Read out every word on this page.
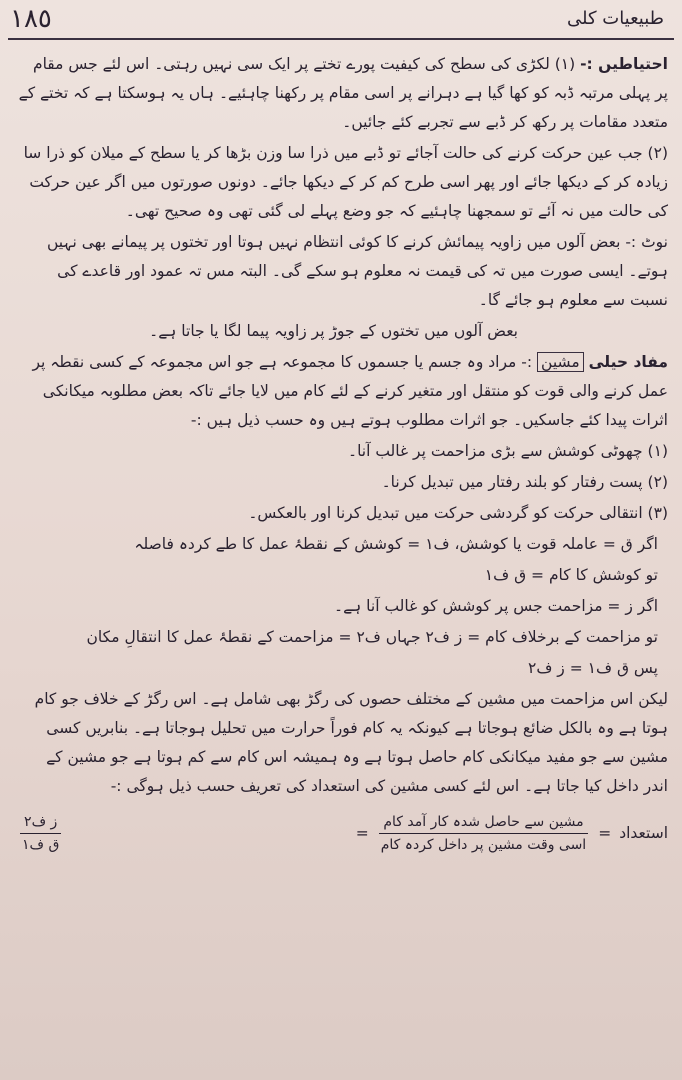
١٨٥	طبیعیات کلی

احتیاطیں :- (۱) لکڑی کی سطح کی کیفیت پورے تختے پر ایک سی نہیں رہتی۔ اس لئے جس مقام پر پہلی مرتبہ ڈبہ کو کھا گیا ہے دہرانے پر اسی مقام پر رکھنا چاہئیے۔ ہاں یہ ہوسکتا ہے کہ تختے کے متعدد مقامات پر رکھ کر ڈبے سے تجربے کئے جائیں۔

(۲) جب عین حرکت کرنے کی حالت آجائے تو ڈبے میں ذرا سا وزن بڑھا کر یا سطح کے میلان کو ذرا سا زیادہ کر کے دیکھا جائے اور پھر اسی طرح کم کر کے دیکھا جائے۔ دونوں صورتوں میں اگر عین حرکت کی حالت میں نہ آئے تو سمجھنا چاہئیے کہ جو وضع پہلے لی گئی تھی وہ صحیح تھی۔

نوٹ :- بعض آلوں میں زاویہ پیمائش کرنے کا کوئی انتظام نہیں ہوتا اور تختوں پر پیمانے بھی نہیں ہوتے۔ ایسی صورت میں تہ کی قیمت نہ معلوم ہو سکے گی۔ البتہ مس تہ عمود اور قاعدے کی نسبت سے معلوم ہو جائے گا۔

بعض آلوں میں تختوں کے جوڑ پر زاویہ پیما لگا یا جاتا ہے۔

مفاد حیلی مشین :- مراد وہ جسم یا جسموں کا مجموعہ ہے جو اس مجموعہ کے کسی نقطہ پر عمل کرنے والی قوت کو منتقل اور متغیر کرنے کے لئے کام میں لایا جائے تاکہ بعض مطلوبہ میکانکی اثرات پیدا کئے جاسکیں۔ جو اثرات مطلوب ہوتے ہیں وہ حسب ذیل ہیں :-

(۱) چھوٹی کوشش سے بڑی مزاحمت پر غالب آنا۔

(۲) پست رفتار کو بلند رفتار میں تبدیل کرنا۔

(۳) انتقالی حرکت کو گردشی حرکت میں تبدیل کرنا اور بالعکس۔

اگر ق = عاملہ قوت یا کوشش، ف۱ = کوشش کے نقطۂ عمل کا طے کردہ فاصلہ

تو کوشش کا کام = ق ف۱

اگر ز = مزاحمت جس پر کوشش کو غالب آنا ہے۔

تو مزاحمت کے برخلاف کام = ز ف۲ جہاں ف۲ = مزاحمت کے نقطۂ عمل کا انتقالِ مکان

پس ق ف۱ = ز ف۲

لیکن اس مزاحمت میں مشین کے مختلف حصوں کی رگڑ بھی شامل ہے۔ اس رگڑ کے خلاف جو کام ہوتا ہے وہ بالکل ضائع ہوجاتا ہے کیونکہ یہ کام فوراً حرارت میں تحلیل ہوجاتا ہے۔ بنابریں کسی مشین سے جو مفید میکانکی کام حاصل ہوتا ہے وہ ہمیشہ اس کام سے کم ہوتا ہے جو مشین کے اندر داخل کیا جاتا ہے۔ اس لئے کسی مشین کی استعداد کی تعریف حسب ذیل ہوگی :-

استعداد
=
$\frac{\text{مشین سے حاصل شدہ کار آمد کام}}{\text{اسی وقت مشین پر داخل کردہ کام}}$
=
$\frac{\text{ز ف۲}}{\text{ق ف۱}}$
